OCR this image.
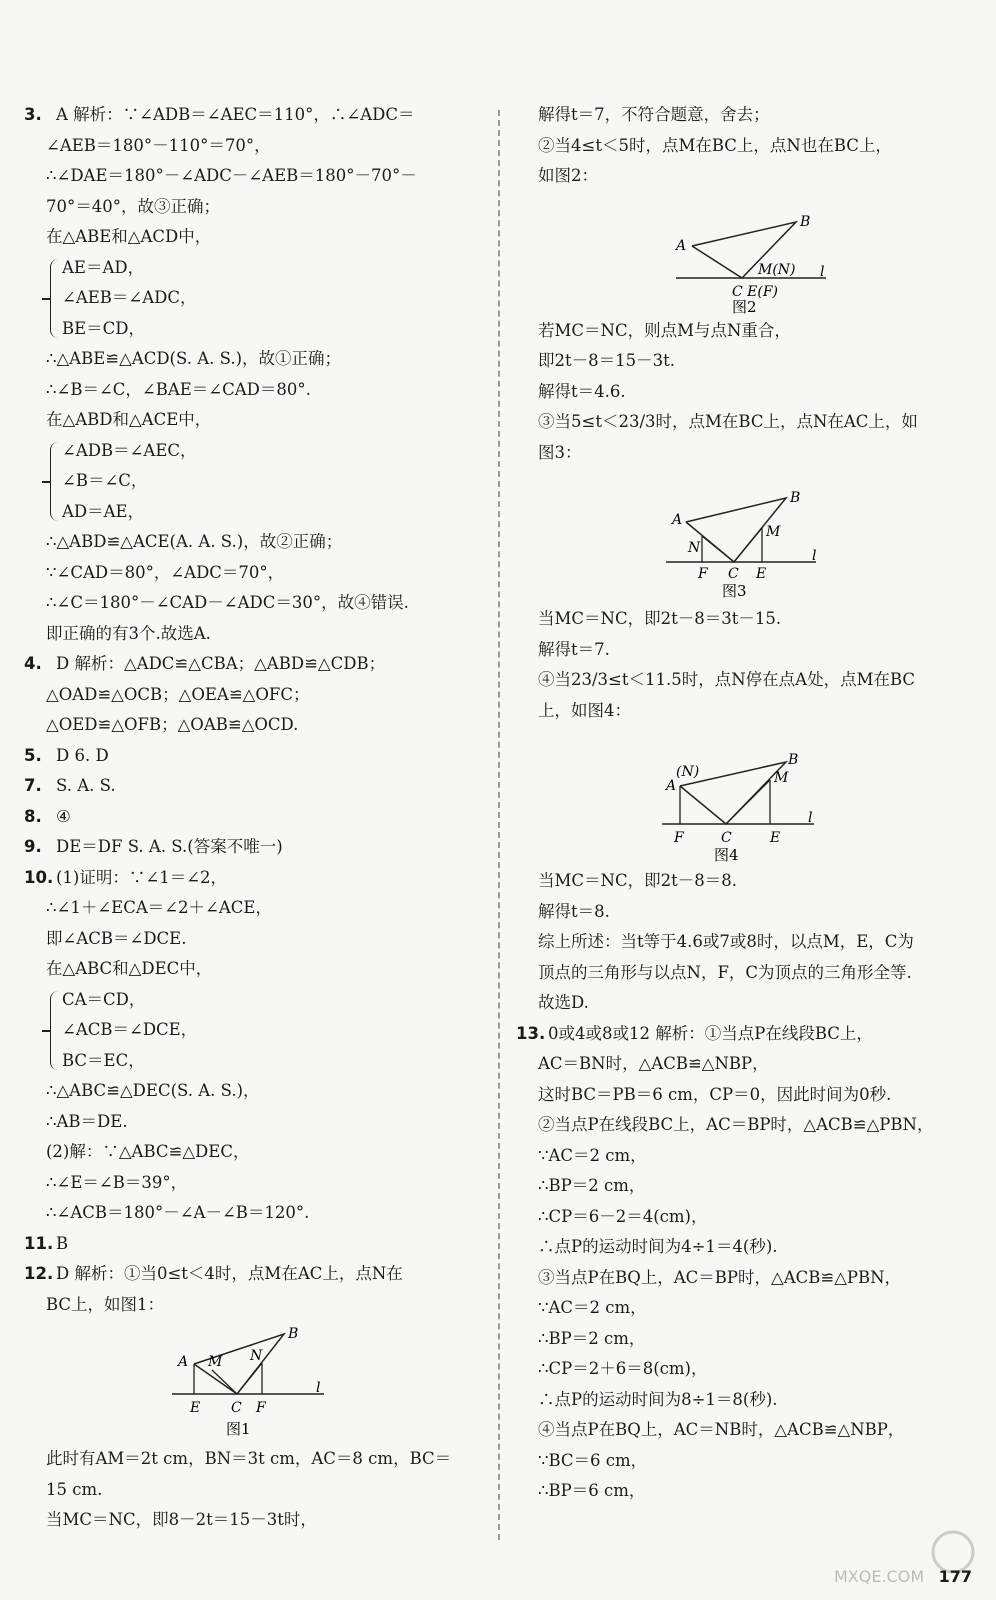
3. A 解析：∵∠ADB＝∠AEC＝110°，∴∠ADC＝
∠AEB＝180°－110°＝70°，
∴∠DAE＝180°－∠ADC－∠AEB＝180°－70°－
70°＝40°，故③正确；
在△ABE和△ACD中，
AE＝AD，
∠AEB＝∠ADC，
BE＝CD，
∴△ABE≌△ACD(S. A. S.)，故①正确；
∴∠B＝∠C，∠BAE＝∠CAD＝80°.
在△ABD和△ACE中，
∠ADB＝∠AEC，
∠B＝∠C，
AD＝AE，
∴△ABD≌△ACE(A. A. S.)，故②正确；
∵∠CAD＝80°，∠ADC＝70°，
∴∠C＝180°－∠CAD－∠ADC＝30°，故④错误.
即正确的有3个.故选A.
4. D 解析：△ADC≌△CBA；△ABD≌△CDB；
△OAD≌△OCB；△OEA≌△OFC；
△OED≌△OFB；△OAB≌△OCD.
5. D 6. D
7. S. A. S.
8. ④
9. DE＝DF S. A. S.(答案不唯一)
10. (1)证明：∵∠1＝∠2，
∴∠1＋∠ECA＝∠2＋∠ACE，
即∠ACB＝∠DCE.
在△ABC和△DEC中，
CA＝CD，
∠ACB＝∠DCE，
BC＝EC，
∴△ABC≌△DEC(S. A. S.)，
∴AB＝DE.
(2)解：∵△ABC≌△DEC，
∴∠E＝∠B＝39°，
∴∠ACB＝180°－∠A－∠B＝120°.
11. B
12. D 解析：①当0≤t＜4时，点M在AC上，点N在
BC上，如图1：
A
B
M N
E C F
l
图1
此时有AM＝2t cm，BN＝3t cm，AC＝8 cm，BC＝
15 cm.
当MC＝NC，即8－2t＝15－3t时，
解得t＝7，不符合题意，舍去；
②当4≤t＜5时，点M在BC上，点N也在BC上，
如图2：
A
B
M(N)
C E(F)
l
图2
若MC＝NC，则点M与点N重合，
即2t－8＝15－3t.
解得t＝4.6.
③当5≤t＜23/3时，点M在BC上，点N在AC上，如
图3：
A
B
M
N
F C E
l
图3
当MC＝NC，即2t－8＝3t－15.
解得t＝7.
④当23/3≤t＜11.5时，点N停在点A处，点M在BC
上，如图4：
A
(N)
B
M
F	C	E
l
图4
当MC＝NC，即2t－8＝8.
解得t＝8.
综上所述：当t等于4.6或7或8时，以点M，E，C为
顶点的三角形与以点N，F，C为顶点的三角形全等.
故选D.
13. 0或4或8或12 解析：①当点P在线段BC上，
AC＝BN时，△ACB≌△NBP，
这时BC＝PB＝6 cm，CP＝0，因此时间为0秒.
②当点P在线段BC上，AC＝BP时，△ACB≌△PBN，
∵AC＝2 cm，
∴BP＝2 cm，
∴CP＝6－2＝4(cm)，
∴点P的运动时间为4÷1＝4(秒).
③当点P在BQ上，AC＝BP时，△ACB≌△PBN，
∵AC＝2 cm，
∴BP＝2 cm，
∴CP＝2＋6＝8(cm)，
∴点P的运动时间为8÷1＝8(秒).
④当点P在BQ上，AC＝NB时，△ACB≌△NBP，
∵BC＝6 cm，
∴BP＝6 cm，
MXQE.COM 177
